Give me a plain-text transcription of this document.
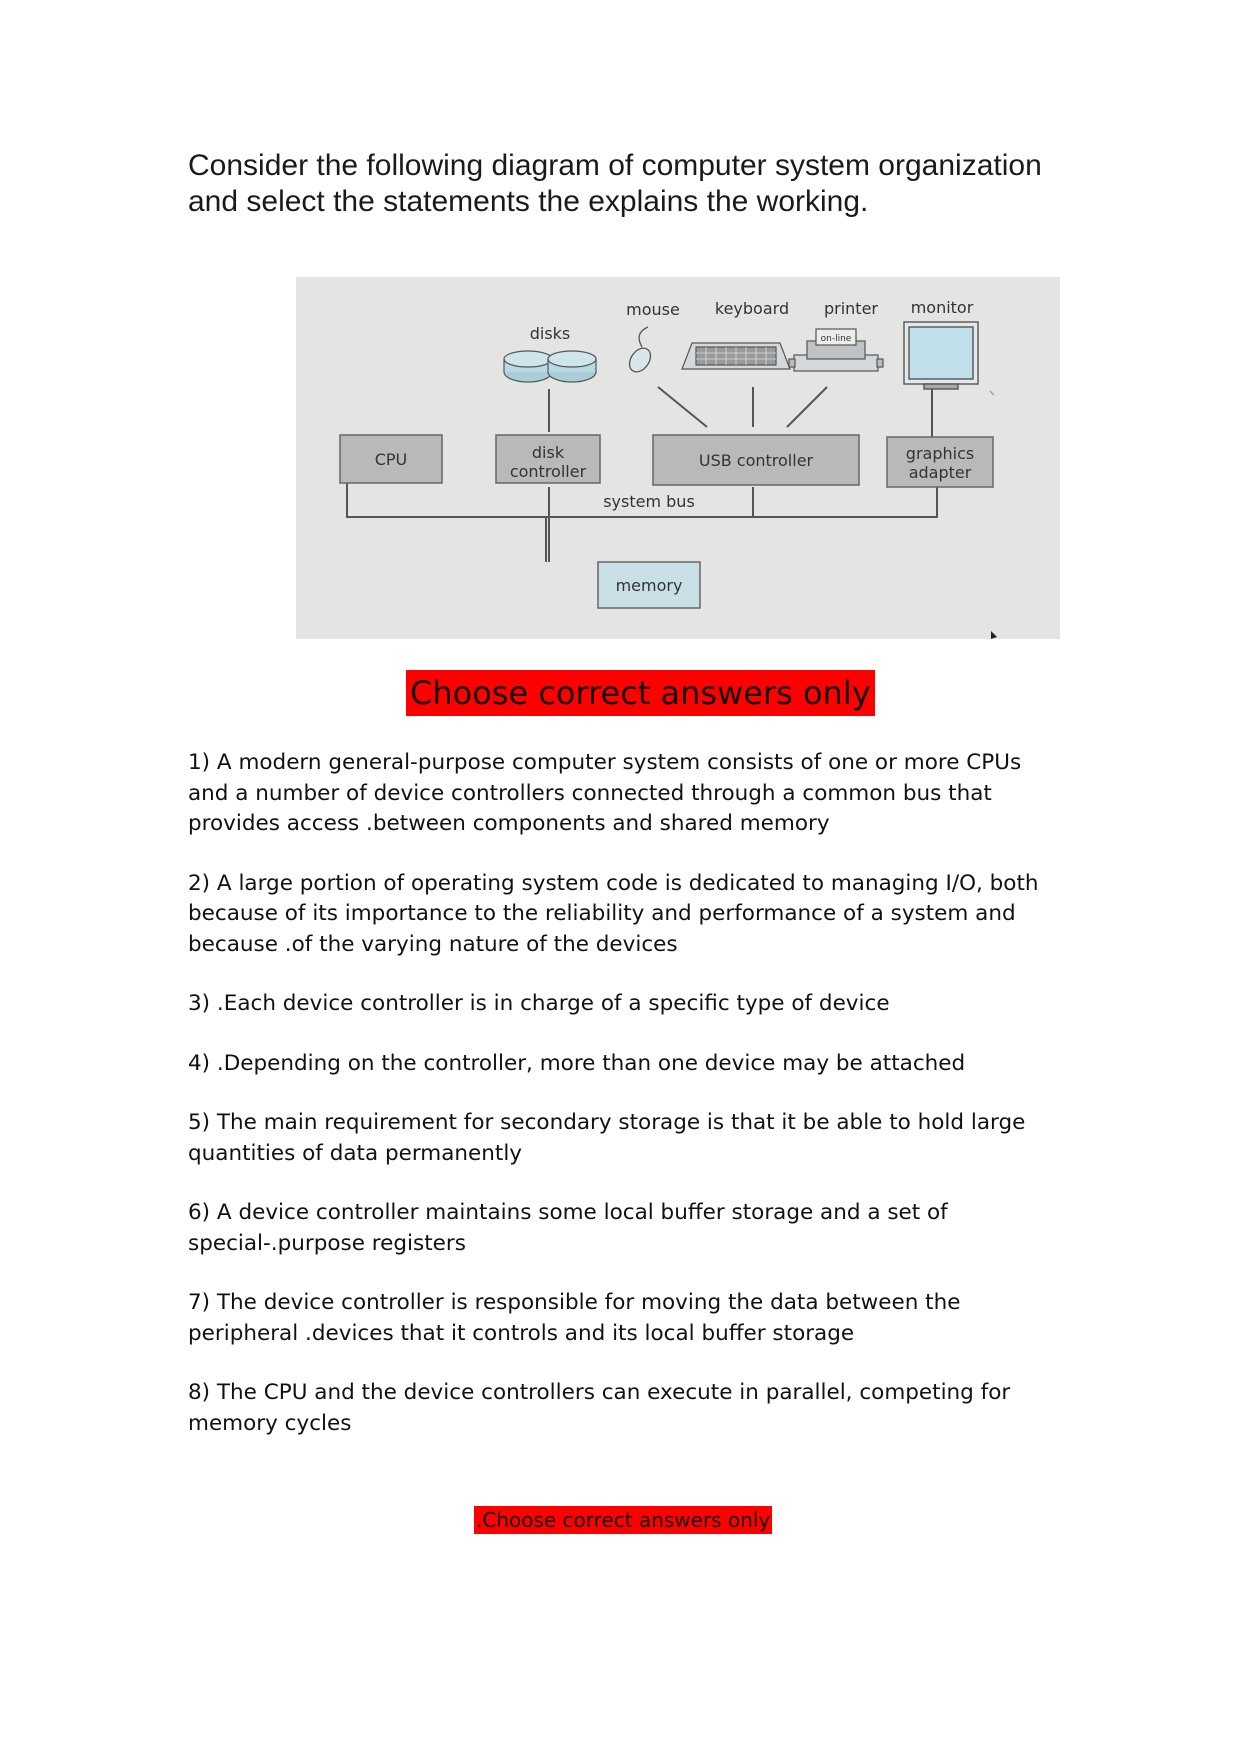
Consider the following diagram of computer system organization
and select the statements the explains the working.
CPU	disk
controller
USB controller	graphics
adapter
system bus
memory
disks
mouse keyboard printer monitor
on-line
Choose correct answers only

1) A modern general-purpose computer system consists of one or more CPUs and a number of device controllers connected through a common bus that provides access .between components and shared memory

2) A large portion of operating system code is dedicated to managing I/O, both because of its importance to the reliability and performance of a system and because .of the varying nature of the devices

3) .Each device controller is in charge of a specific type of device

4) .Depending on the controller, more than one device may be attached

5) The main requirement for secondary storage is that it be able to hold large quantities of data permanently

6) A device controller maintains some local buffer storage and a set of special-.purpose registers

7) The device controller is responsible for moving the data between the peripheral .devices that it controls and its local buffer storage

8) The CPU and the device controllers can execute in parallel, competing for memory cycles

.Choose correct answers only
